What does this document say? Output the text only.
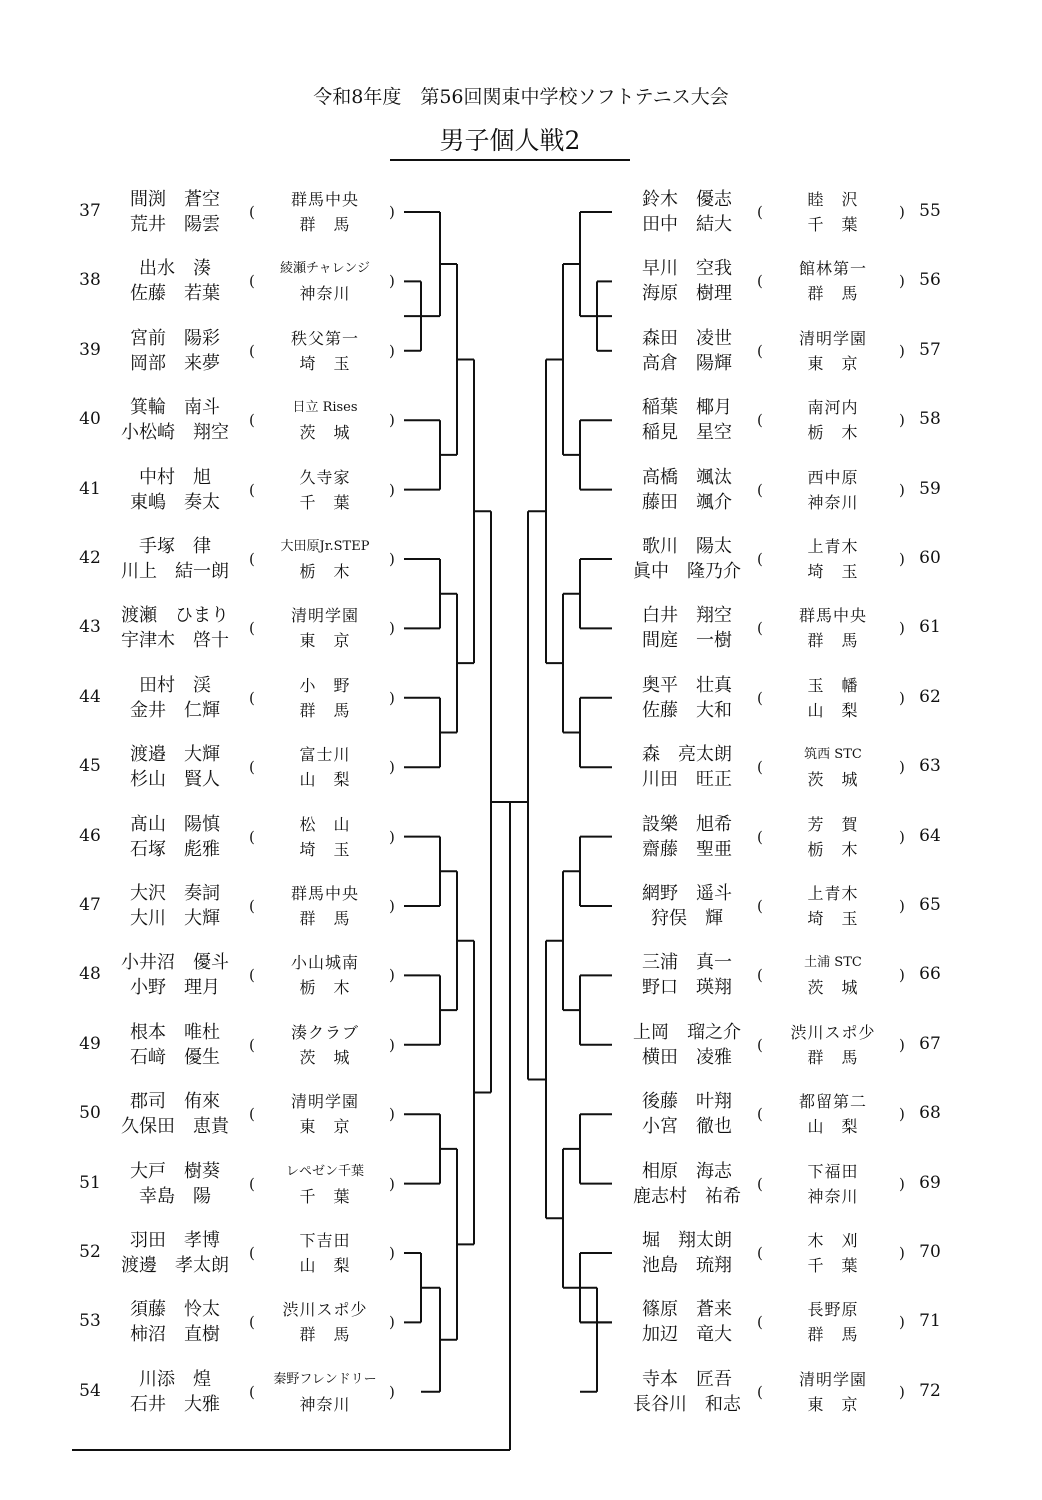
令和8年度　第56回関東中学校ソフトテニス大会
男子個人戦2
37
間渕　蒼空
荒井　陽雲
群馬中央
群　馬
(	)
38
出水　湊
佐藤　若葉
綾瀬チャレンジ
神奈川
(	)
39
宮前　陽彩
岡部　来夢
秩父第一
埼　玉
(	)
40
箕輪　南斗
小松崎　翔空
日立 Rises
茨　城
(	)
41
中村　旭
東嶋　奏太
久寺家
千　葉
(	)
42
手塚　律
川上　結一朗
大田原Jr.STEP
栃　木
(	)
43
渡瀬　ひまり
宇津木　啓十
清明学園
東　京
(	)
44
田村　渓
金井　仁輝
小　野
群　馬
(	)
45
渡邉　大輝
杉山　賢人
富士川
山　梨
(	)
46
髙山　陽慎
石塚　彪雅
松　山
埼　玉
(	)
47
大沢　奏詞
大川　大輝
群馬中央
群　馬
(	)
48
小井沼　優斗
小野　理月
小山城南
栃　木
(	)
49
根本　唯杜
石﨑　優生
湊クラブ
茨　城
(	)
50
郡司　侑來
久保田　恵貴
清明学園
東　京
(	)
51
大戸　樹葵
幸島　陽
レペゼン千葉
千　葉
(	)
52
羽田　孝博
渡邊　孝太朗
下吉田
山　梨
(	)
53
須藤　怜太
柿沼　直樹
渋川スポ少
群　馬
(	)
54
川添　煌
石井　大雅
秦野フレンドリー
神奈川
(	)
55
鈴木　優志
田中　結大
睦　沢
千　葉
(	)
56
早川　空我
海原　樹理
館林第一
群　馬
(	)
57
森田　凌世
高倉　陽輝
清明学園
東　京
(	)
58
稲葉　椰月
稲見　星空
南河内
栃　木
(	)
59
高橋　颯汰
藤田　颯介
西中原
神奈川
(	)
60
歌川　陽太
眞中　隆乃介
上青木
埼　玉
(	)
61
白井　翔空
間庭　一樹
群馬中央
群　馬
(	)
62
奥平　壮真
佐藤　大和
玉　幡
山　梨
(	)
63
森　亮太朗
川田　旺正
筑西 STC
茨　城
(	)
64
設樂　旭希
齋藤　聖亜
芳　賀
栃　木
(	)
65
網野　遥斗
狩俣　輝
上青木
埼　玉
(	)
66
三浦　真一
野口　瑛翔
土浦 STC
茨　城
(	)
67
上岡　瑠之介
横田　凌雅
渋川スポ少
群　馬
(	)
68
後藤　叶翔
小宮　徹也
都留第二
山　梨
(	)
69
相原　海志
鹿志村　祐希
下福田
神奈川
(	)
70
堀　翔太朗
池島　琉翔
木　刈
千　葉
(	)
71
篠原　蒼来
加辺　竜大
長野原
群　馬
(	)
72
寺本　匠吾
長谷川　和志
清明学園
東　京
(	)
